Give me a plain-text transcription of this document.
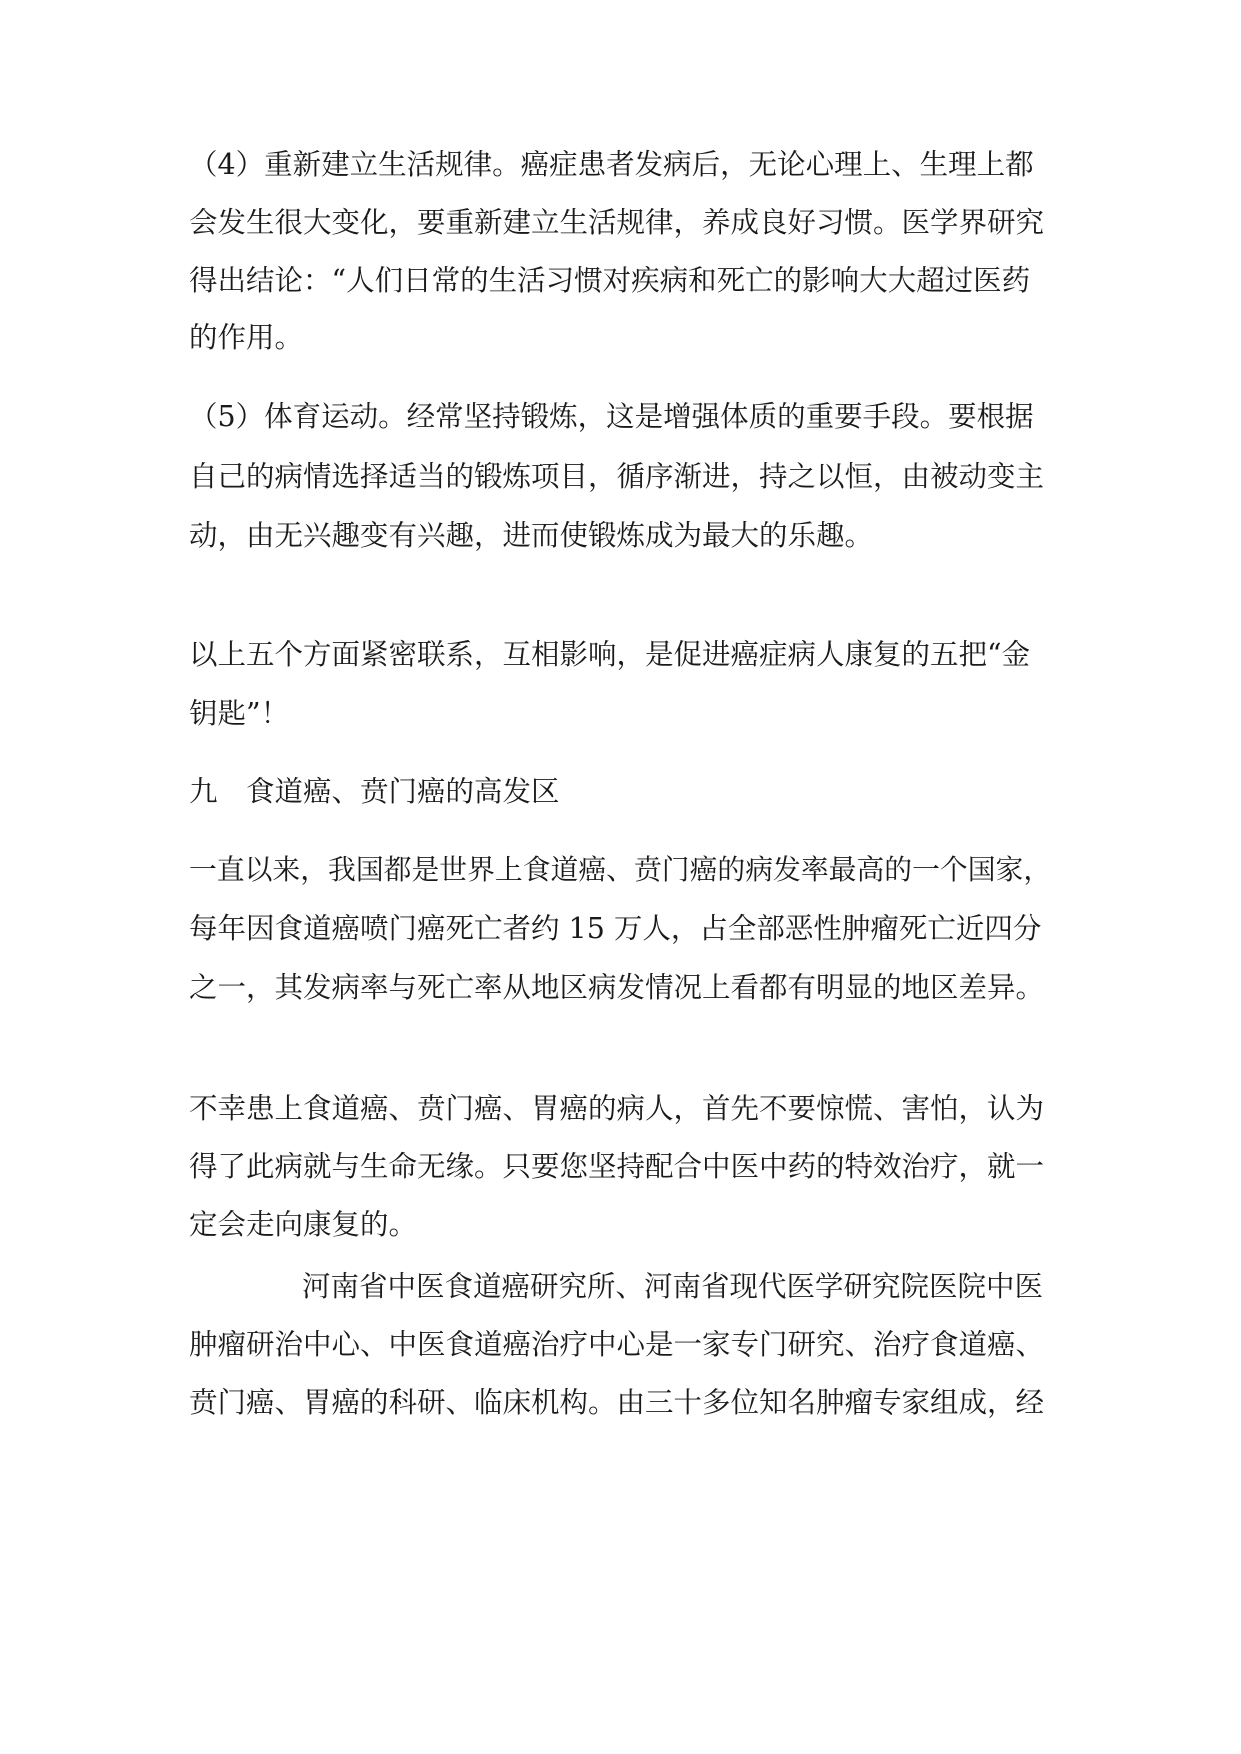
（4）重新建立生活规律。癌症患者发病后，无论心理上、生理上都

会发生很大变化，要重新建立生活规律，养成良好习惯。医学界研究

得出结论：“人们日常的生活习惯对疾病和死亡的影响大大超过医药

的作用。

（5）体育运动。经常坚持锻炼，这是增强体质的重要手段。要根据

自己的病情选择适当的锻炼项目，循序渐进，持之以恒，由被动变主

动，由无兴趣变有兴趣，进而使锻炼成为最大的乐趣。

以上五个方面紧密联系，互相影响，是促进癌症病人康复的五把“金

钥匙”！

九　食道癌、贲门癌的高发区

一直以来，我国都是世界上食道癌、贲门癌的病发率最高的一个国家，

每年因食道癌喷门癌死亡者约 15 万人，占全部恶性肿瘤死亡近四分

之一，其发病率与死亡率从地区病发情况上看都有明显的地区差异。

不幸患上食道癌、贲门癌、胃癌的病人，首先不要惊慌、害怕，认为

得了此病就与生命无缘。只要您坚持配合中医中药的特效治疗，就一

定会走向康复的。

河南省中医食道癌研究所、河南省现代医学研究院医院中医

肿瘤研治中心、中医食道癌治疗中心是一家专门研究、治疗食道癌、

贲门癌、胃癌的科研、临床机构。由三十多位知名肿瘤专家组成，经
